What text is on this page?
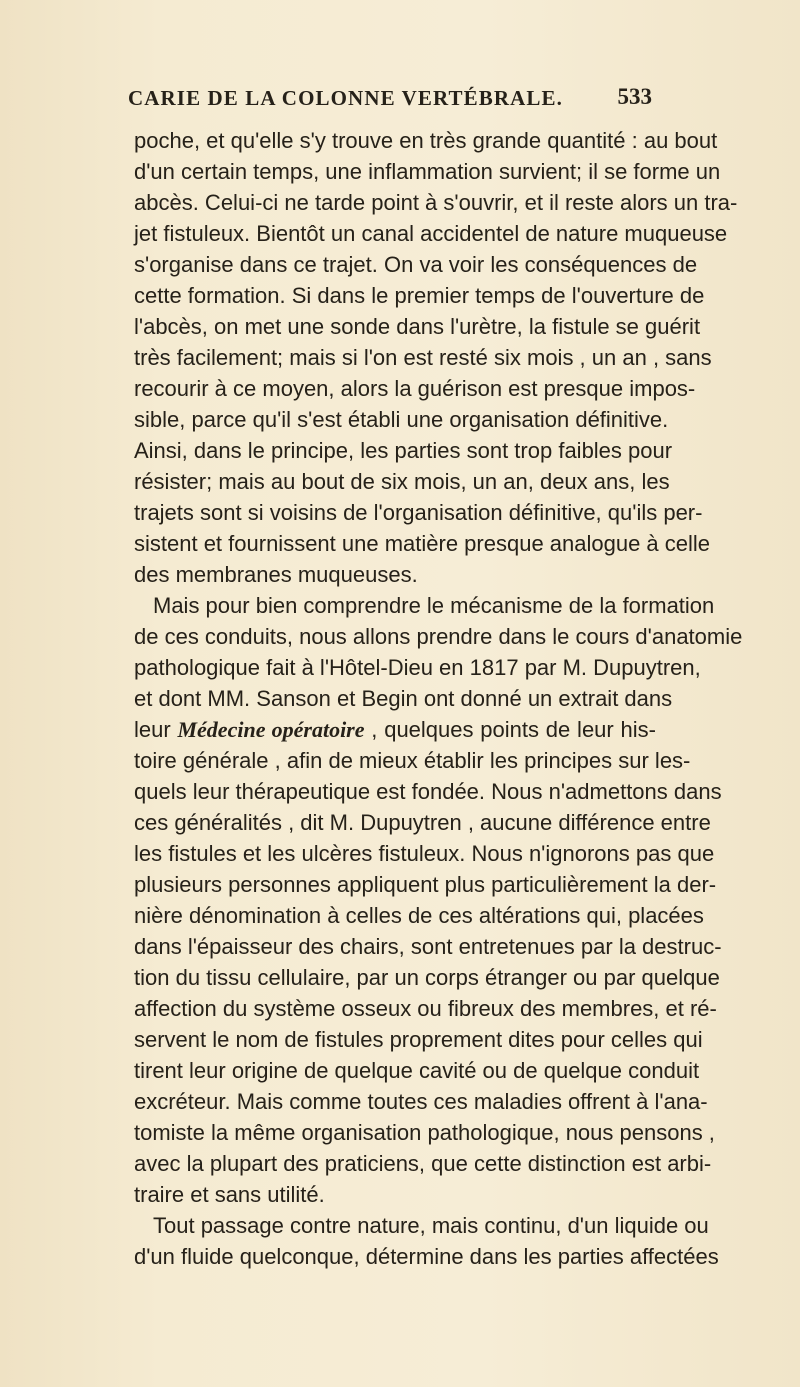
CARIE DE LA COLONNE VERTÉBRALE. 533
poche, et qu'elle s'y trouve en très grande quantité : au bout
d'un certain temps, une inflammation survient; il se forme un
abcès. Celui-ci ne tarde point à s'ouvrir, et il reste alors un tra-
jet fistuleux. Bientôt un canal accidentel de nature muqueuse
s'organise dans ce trajet. On va voir les conséquences de
cette formation. Si dans le premier temps de l'ouverture de
l'abcès, on met une sonde dans l'urètre, la fistule se guérit
très facilement; mais si l'on est resté six mois , un an , sans
recourir à ce moyen, alors la guérison est presque impos-
sible, parce qu'il s'est établi une organisation définitive.
Ainsi, dans le principe, les parties sont trop faibles pour
résister; mais au bout de six mois, un an, deux ans, les
trajets sont si voisins de l'organisation définitive, qu'ils per-
sistent et fournissent une matière presque analogue à celle
des membranes muqueuses.
Mais pour bien comprendre le mécanisme de la formation
de ces conduits, nous allons prendre dans le cours d'anatomie
pathologique fait à l'Hôtel-Dieu en 1817 par M. Dupuytren,
et dont MM. Sanson et Begin ont donné un extrait dans
leur Médecine opératoire , quelques points de leur his-
toire générale , afin de mieux établir les principes sur les-
quels leur thérapeutique est fondée. Nous n'admettons dans
ces généralités , dit M. Dupuytren , aucune différence entre
les fistules et les ulcères fistuleux. Nous n'ignorons pas que
plusieurs personnes appliquent plus particulièrement la der-
nière dénomination à celles de ces altérations qui, placées
dans l'épaisseur des chairs, sont entretenues par la destruc-
tion du tissu cellulaire, par un corps étranger ou par quelque
affection du système osseux ou fibreux des membres, et ré-
servent le nom de fistules proprement dites pour celles qui
tirent leur origine de quelque cavité ou de quelque conduit
excréteur. Mais comme toutes ces maladies offrent à l'ana-
tomiste la même organisation pathologique, nous pensons ,
avec la plupart des praticiens, que cette distinction est arbi-
traire et sans utilité.
Tout passage contre nature, mais continu, d'un liquide ou
d'un fluide quelconque, détermine dans les parties affectées
